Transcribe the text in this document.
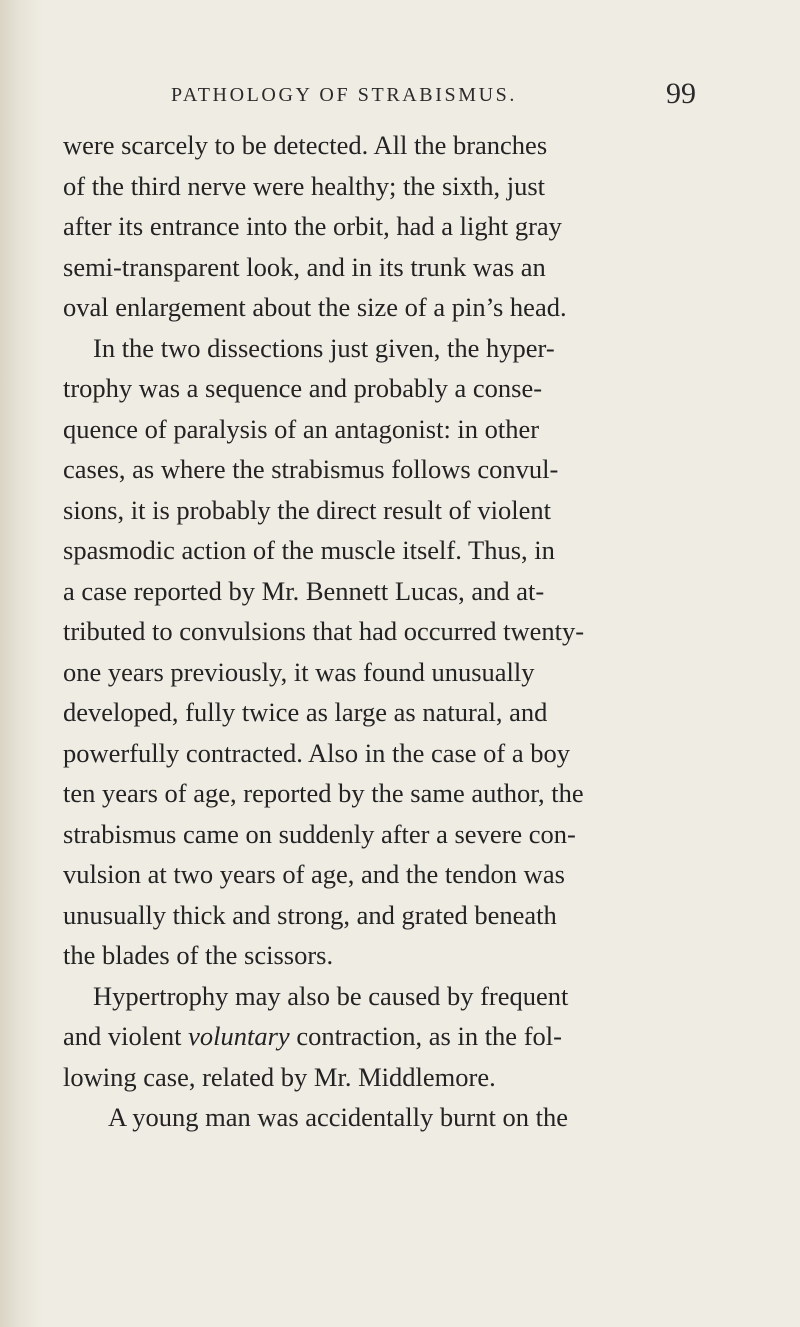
PATHOLOGY OF STRABISMUS.	99
were scarcely to be detected. All the branches
of the third nerve were healthy; the sixth, just
after its entrance into the orbit, had a light gray
semi-transparent look, and in its trunk was an
oval enlargement about the size of a pin’s head.
In the two dissections just given, the hyper-
trophy was a sequence and probably a conse-
quence of paralysis of an antagonist: in other
cases, as where the strabismus follows convul-
sions, it is probably the direct result of violent
spasmodic action of the muscle itself. Thus, in
a case reported by Mr. Bennett Lucas, and at-
tributed to convulsions that had occurred twenty-
one years previously, it was found unusually
developed, fully twice as large as natural, and
powerfully contracted. Also in the case of a boy
ten years of age, reported by the same author, the
strabismus came on suddenly after a severe con-
vulsion at two years of age, and the tendon was
unusually thick and strong, and grated beneath
the blades of the scissors.
Hypertrophy may also be caused by frequent
and violent voluntary contraction, as in the fol-
lowing case, related by Mr. Middlemore.
A young man was accidentally burnt on the
